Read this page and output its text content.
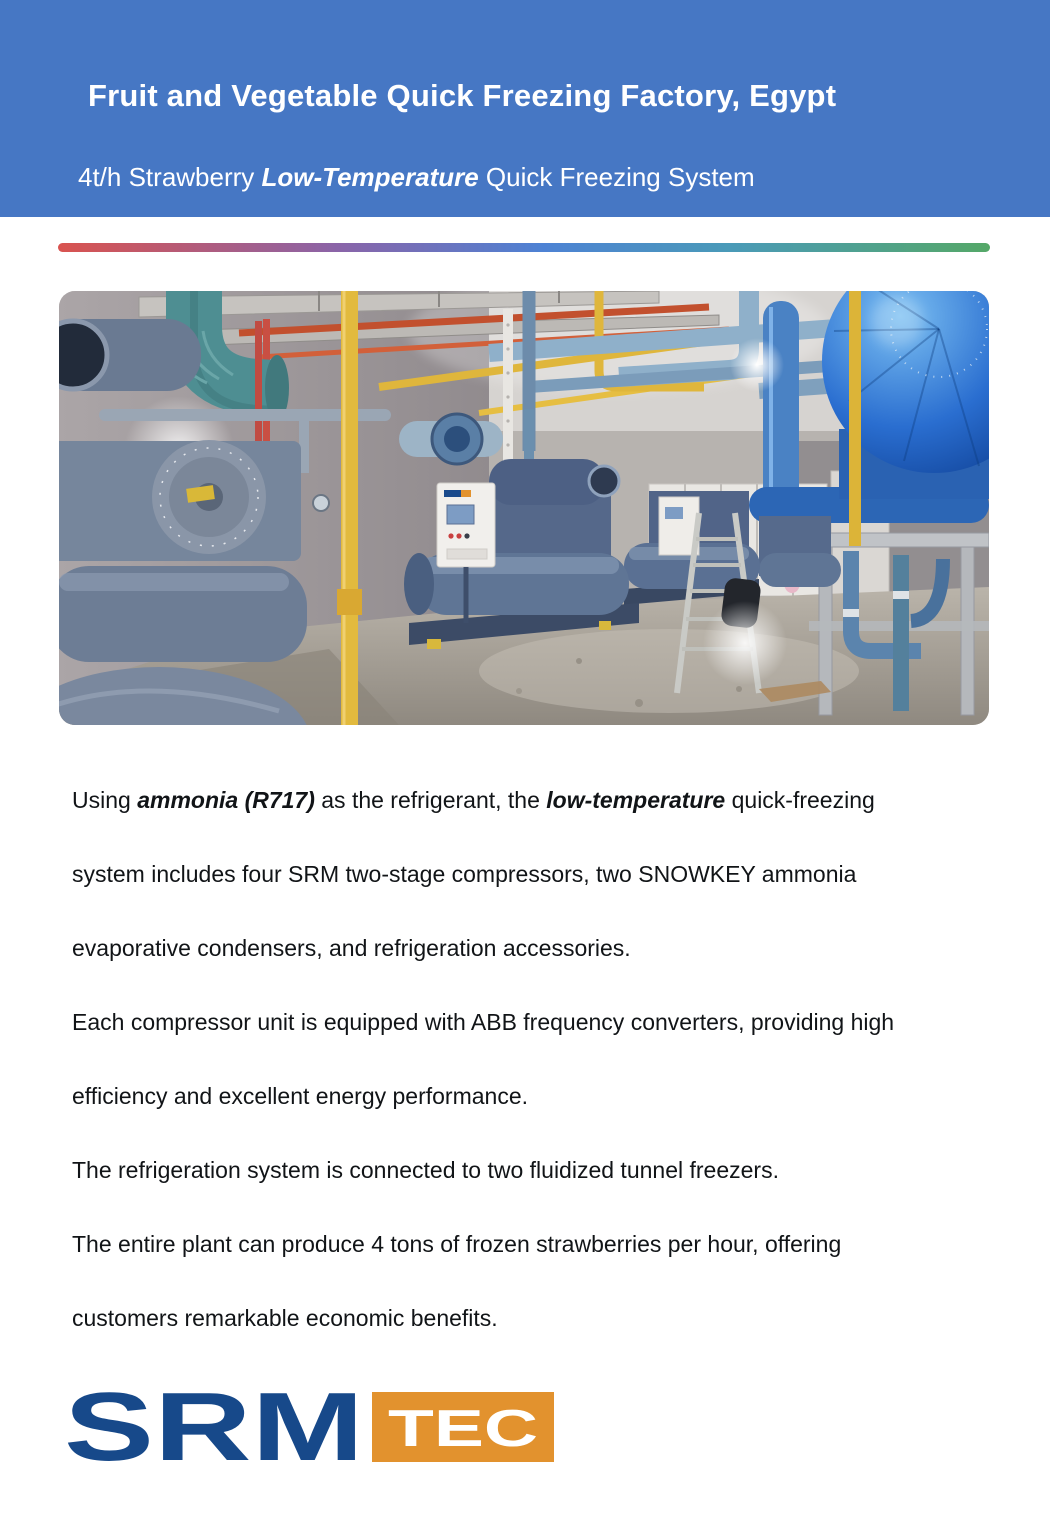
Fruit and Vegetable Quick Freezing Factory, Egypt
4t/h Strawberry Low-Temperature Quick Freezing System

Using ammonia (R717) as the refrigerant, the low-temperature quick-freezing system includes four SRM two-stage compressors, two SNOWKEY ammonia evaporative condensers, and refrigeration accessories.

Each compressor unit is equipped with ABB frequency converters, providing high efficiency and excellent energy performance.

The refrigeration system is connected to two fluidized tunnel freezers.

The entire plant can produce 4 tons of frozen strawberries per hour, offering customers remarkable economic benefits.

SRM TEC
